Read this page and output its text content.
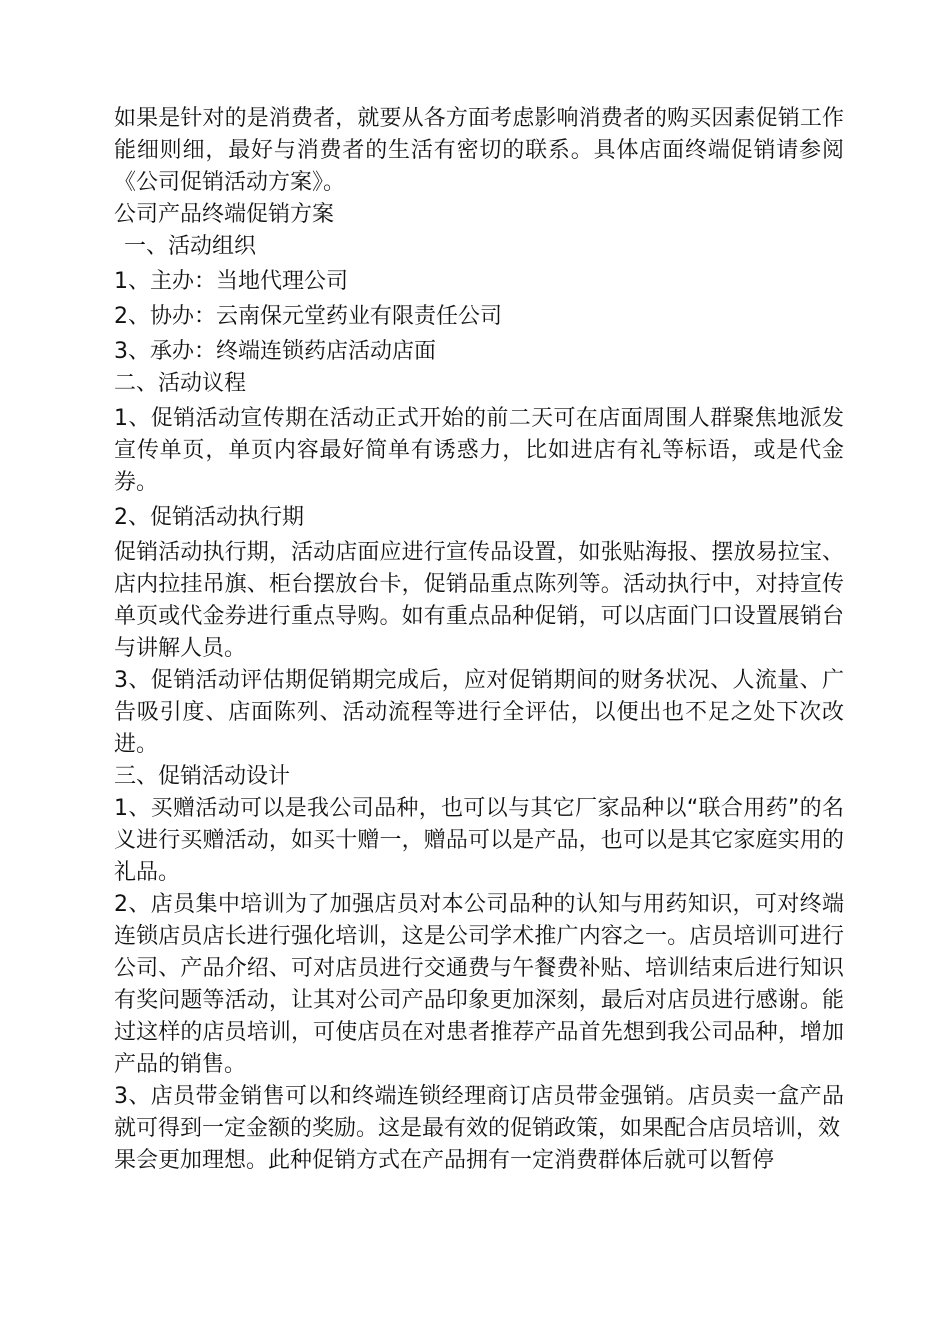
如果是针对的是消费者，就要从各方面考虑影响消费者的购买因素促销工作能细则细，最好与消费者的生活有密切的联系。具体店面终端促销请参阅《公司促销活动方案》。

公司产品终端促销方案

一、活动组织

1、主办：当地代理公司

2、协办：云南保元堂药业有限责任公司

3、承办：终端连锁药店活动店面

二、活动议程

1、促销活动宣传期在活动正式开始的前二天可在店面周围人群聚焦地派发宣传单页，单页内容最好简单有诱惑力，比如进店有礼等标语，或是代金券。

2、促销活动执行期

促销活动执行期，活动店面应进行宣传品设置，如张贴海报、摆放易拉宝、店内拉挂吊旗、柜台摆放台卡，促销品重点陈列等。活动执行中，对持宣传单页或代金券进行重点导购。如有重点品种促销，可以店面门口设置展销台与讲解人员。

3、促销活动评估期促销期完成后，应对促销期间的财务状况、人流量、广告吸引度、店面陈列、活动流程等进行全评估，以便出也不足之处下次改进。

三、促销活动设计

1、买赠活动可以是我公司品种，也可以与其它厂家品种以“联合用药”的名义进行买赠活动，如买十赠一，赠品可以是产品，也可以是其它家庭实用的礼品。

2、店员集中培训为了加强店员对本公司品种的认知与用药知识，可对终端连锁店员店长进行强化培训，这是公司学术推广内容之一。店员培训可进行公司、产品介绍、可对店员进行交通费与午餐费补贴、培训结束后进行知识有奖问题等活动，让其对公司产品印象更加深刻，最后对店员进行感谢。能过这样的店员培训，可使店员在对患者推荐产品首先想到我公司品种，增加产品的销售。

3、店员带金销售可以和终端连锁经理商订店员带金强销。店员卖一盒产品就可得到一定金额的奖励。这是最有效的促销政策，如果配合店员培训，效

果会更加理想。此种促销方式在产品拥有一定消费群体后就可以暂停
